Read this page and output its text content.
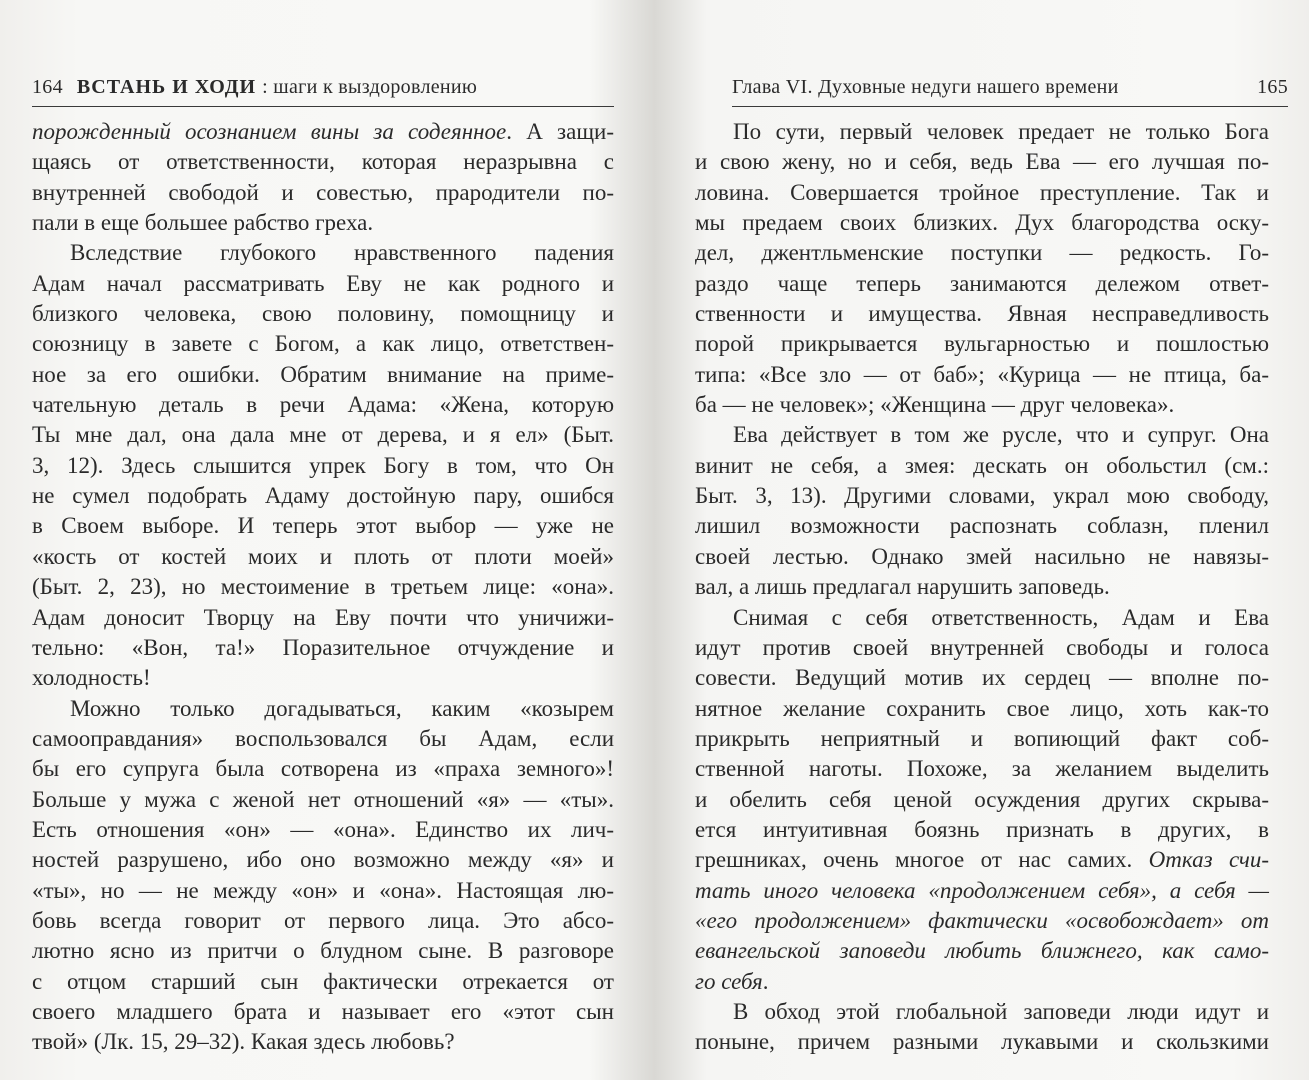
164 ВСТАНЬ И ХОДИ : шаги к выздоровлению

порожденный осознанием вины за содеянное. А защи-

щаясь от ответственности, которая неразрывна с

внутренней свободой и совестью, прародители по-

пали в еще большее рабство греха.

Вследствие глубокого нравственного падения

Адам начал рассматривать Еву не как родного и

близкого человека, свою половину, помощницу и

союзницу в завете с Богом, а как лицо, ответствен-

ное за его ошибки. Обратим внимание на приме-

чательную деталь в речи Адама: «Жена, которую

Ты мне дал, она дала мне от дерева, и я ел» (Быт.

3, 12). Здесь слышится упрек Богу в том, что Он

не сумел подобрать Адаму достойную пару, ошибся

в Своем выборе. И теперь этот выбор — уже не

«кость от костей моих и плоть от плоти моей»

(Быт. 2, 23), но местоимение в третьем лице: «она».

Адам доносит Творцу на Еву почти что уничижи-

тельно: «Вон, та!» Поразительное отчуждение и

холодность!

Можно только догадываться, каким «козырем

самооправдания» воспользовался бы Адам, если

бы его супруга была сотворена из «праха земного»!

Больше у мужа с женой нет отношений «я» — «ты».

Есть отношения «он» — «она». Единство их лич-

ностей разрушено, ибо оно возможно между «я» и

«ты», но — не между «он» и «она». Настоящая лю-

бовь всегда говорит от первого лица. Это абсо-

лютно ясно из притчи о блудном сыне. В разговоре

с отцом старший сын фактически отрекается от

своего младшего брата и называет его «этот сын

твой» (Лк. 15, 29–32). Какая здесь любовь?

Глава VI. Духовные недуги нашего времени	165

По сути, первый человек предает не только Бога

и свою жену, но и себя, ведь Ева — его лучшая по-

ловина. Совершается тройное преступление. Так и

мы предаем своих близких. Дух благородства оску-

дел, джентльменские поступки — редкость. Го-

раздо чаще теперь занимаются дележом ответ-

ственности и имущества. Явная несправедливость

порой прикрывается вульгарностью и пошлостью

типа: «Все зло — от баб»; «Курица — не птица, ба-

ба — не человек»; «Женщина — друг человека».

Ева действует в том же русле, что и супруг. Она

винит не себя, а змея: дескать он обольстил (см.:

Быт. 3, 13). Другими словами, украл мою свободу,

лишил возможности распознать соблазн, пленил

своей лестью. Однако змей насильно не навязы-

вал, а лишь предлагал нарушить заповедь.

Снимая с себя ответственность, Адам и Ева

идут против своей внутренней свободы и голоса

совести. Ведущий мотив их сердец — вполне по-

нятное желание сохранить свое лицо, хоть как-то

прикрыть неприятный и вопиющий факт соб-

ственной наготы. Похоже, за желанием выделить

и обелить себя ценой осуждения других скрыва-

ется интуитивная боязнь признать в других, в

грешниках, очень многое от нас самих. Отказ счи-

тать иного человека «продолжением себя», а себя —

«его продолжением» фактически «освобождает» от

евангельской заповеди любить ближнего, как само-

го себя.

В обход этой глобальной заповеди люди идут и

поныне, причем разными лукавыми и скользкими
